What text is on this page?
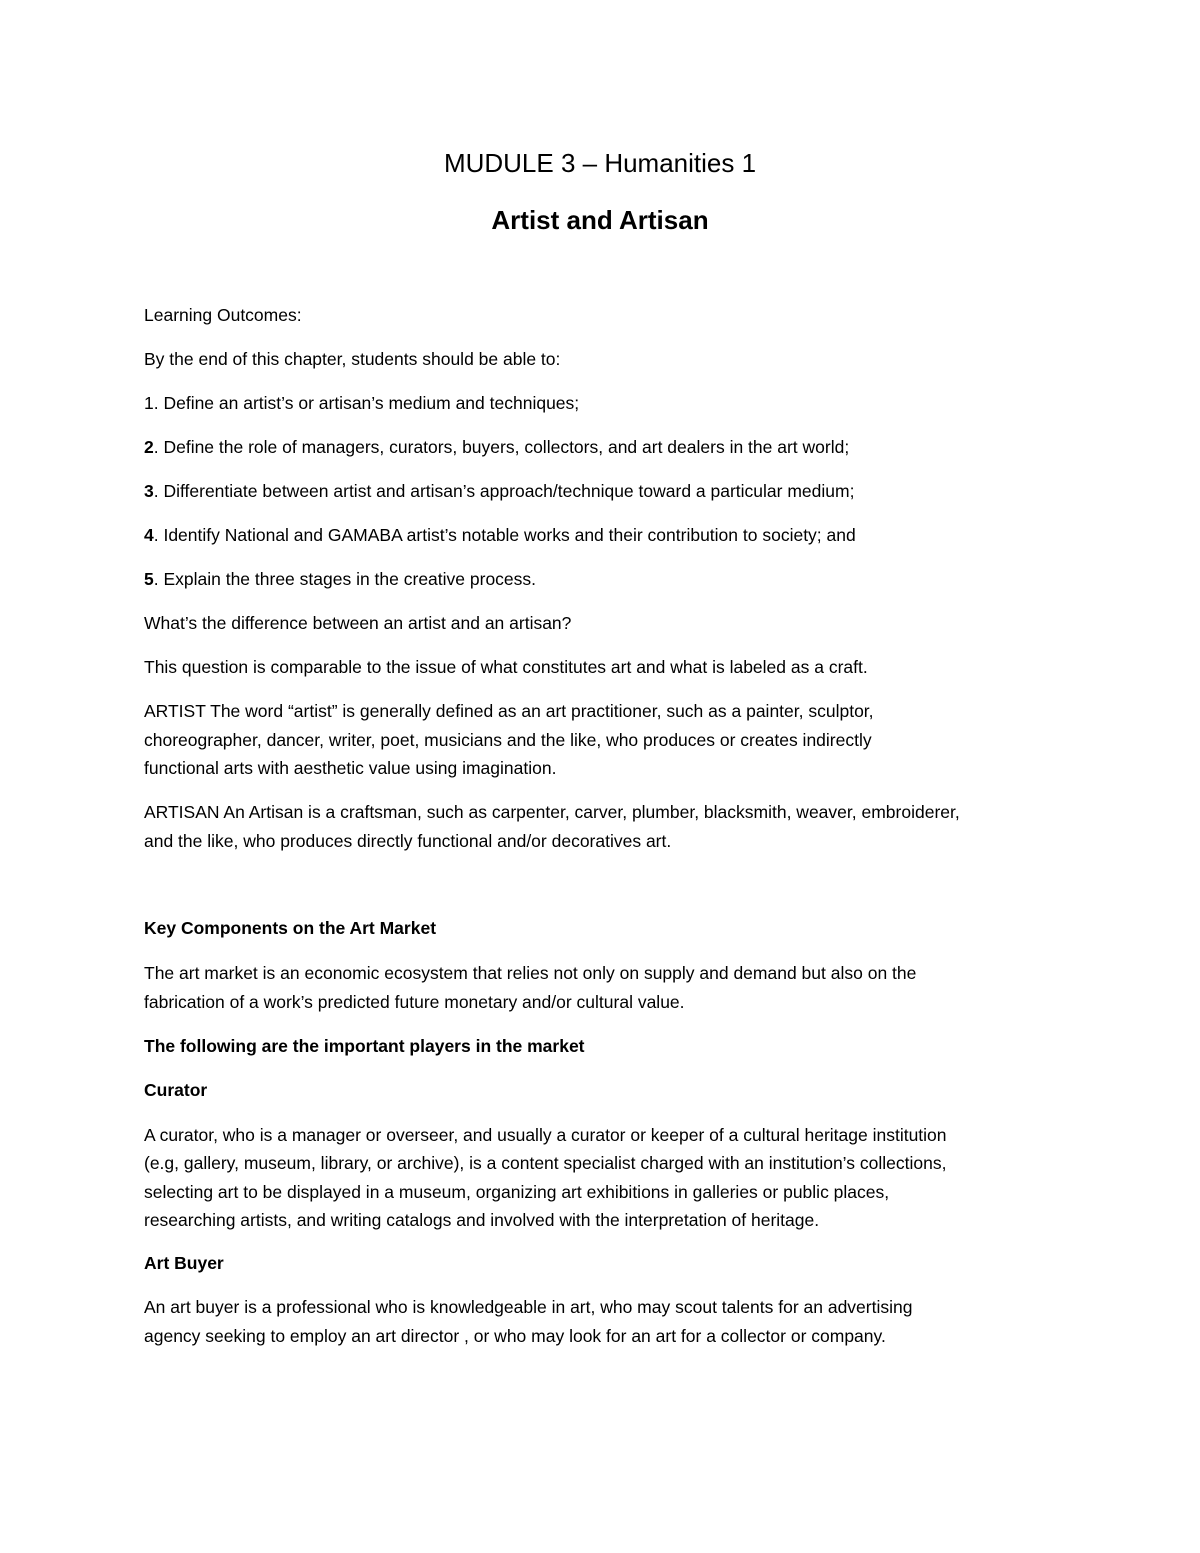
MUDULE 3 – Humanities 1
Artist and Artisan
Learning Outcomes:
By the end of this chapter, students should be able to:
1. Define an artist’s or artisan’s medium and techniques;
2. Define the role of managers, curators, buyers, collectors, and art dealers in the art world;
3. Differentiate between artist and artisan’s approach/technique toward a particular medium;
4. Identify National and GAMABA artist’s notable works and their contribution to society; and
5. Explain the three stages in the creative process.
What’s the difference between an artist and an artisan?
This question is comparable to the issue of what constitutes art and what is labeled as a craft.
ARTIST The word “artist” is generally defined as an art practitioner, such as a painter, sculptor,
choreographer, dancer, writer, poet, musicians and the like, who produces or creates indirectly
functional arts with aesthetic value using imagination.
ARTISAN An Artisan is a craftsman, such as carpenter, carver, plumber, blacksmith, weaver, embroiderer,
and the like, who produces directly functional and/or decoratives art.
Key Components on the Art Market
The art market is an economic ecosystem that relies not only on supply and demand but also on the
fabrication of a work’s predicted future monetary and/or cultural value.
The following are the important players in the market
Curator
A curator, who is a manager or overseer, and usually a curator or keeper of a cultural heritage institution
(e.g, gallery, museum, library, or archive), is a content specialist charged with an institution’s collections,
selecting art to be displayed in a museum, organizing art exhibitions in galleries or public places,
researching artists, and writing catalogs and involved with the interpretation of heritage.
Art Buyer
An art buyer is a professional who is knowledgeable in art, who may scout talents for an advertising
agency seeking to employ an art director , or who may look for an art for a collector or company.
